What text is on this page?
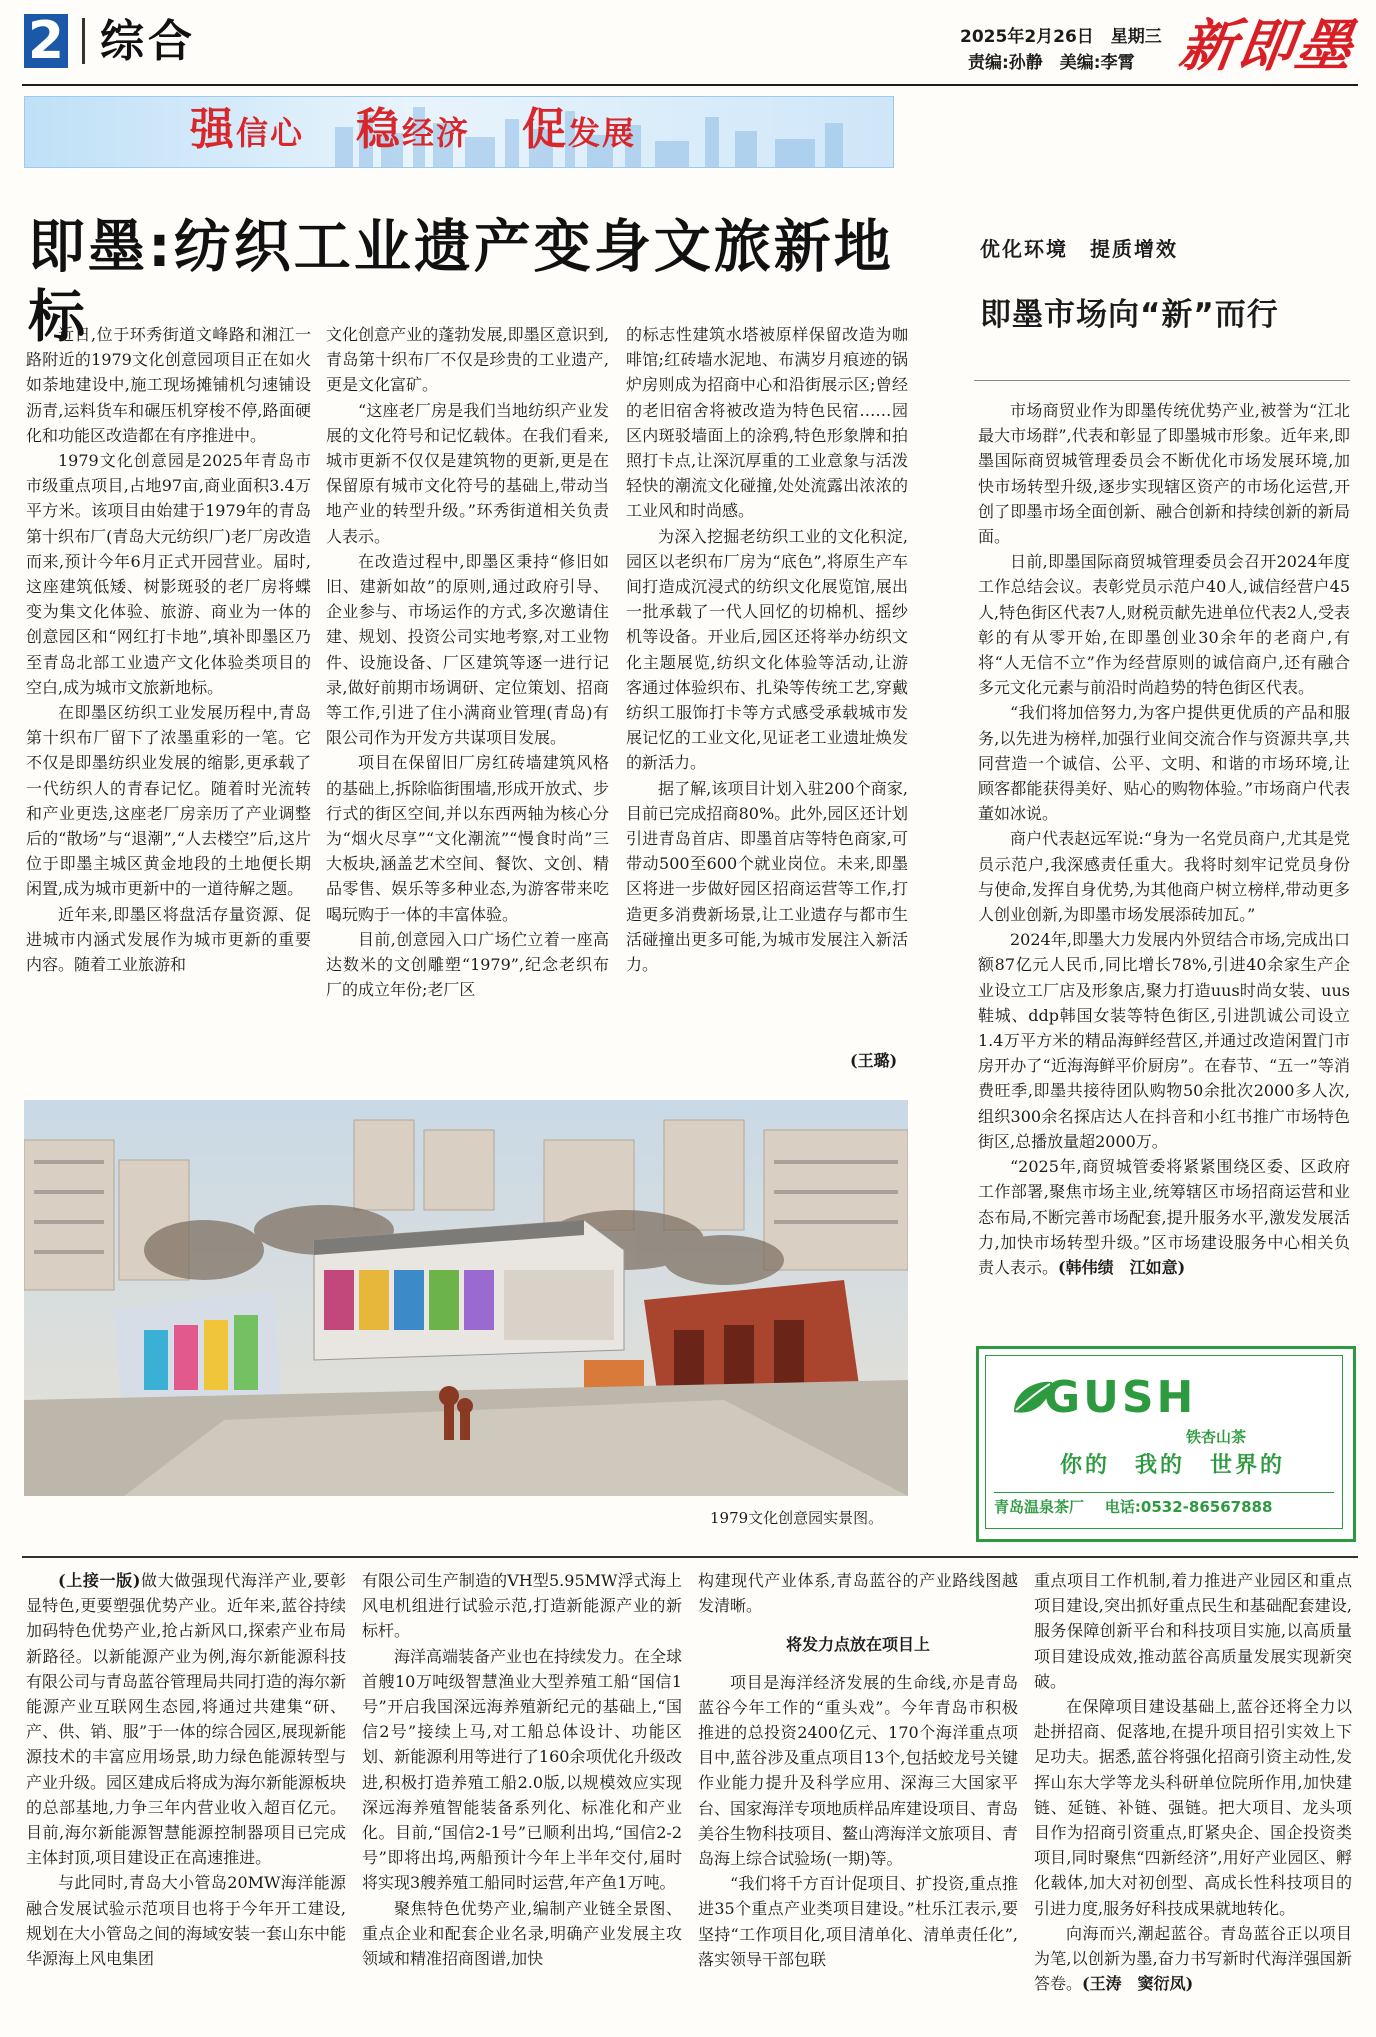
2 综合	2025年2月26日　星期三
责编:孙静　美编:李霄 新即墨
强信心 稳经济 促发展
即墨:纺织工业遗产变身文旅新地标

近日,位于环秀街道文峰路和湘江一路附近的1979文化创意园项目正在如火如荼地建设中,施工现场摊铺机匀速铺设沥青,运料货车和碾压机穿梭不停,路面硬化和功能区改造都在有序推进中。

1979文化创意园是2025年青岛市市级重点项目,占地97亩,商业面积3.4万平方米。该项目由始建于1979年的青岛第十织布厂(青岛大元纺织厂)老厂房改造而来,预计今年6月正式开园营业。届时,这座建筑低矮、树影斑驳的老厂房将蝶变为集文化体验、旅游、商业为一体的创意园区和“网红打卡地”,填补即墨区乃至青岛北部工业遗产文化体验类项目的空白,成为城市文旅新地标。

在即墨区纺织工业发展历程中,青岛第十织布厂留下了浓墨重彩的一笔。它不仅是即墨纺织业发展的缩影,更承载了一代纺织人的青春记忆。随着时光流转和产业更迭,这座老厂房亲历了产业调整后的“散场”与“退潮”,“人去楼空”后,这片位于即墨主城区黄金地段的土地便长期闲置,成为城市更新中的一道待解之题。

近年来,即墨区将盘活存量资源、促进城市内涵式发展作为城市更新的重要内容。随着工业旅游和

文化创意产业的蓬勃发展,即墨区意识到,青岛第十织布厂不仅是珍贵的工业遗产,更是文化富矿。

“这座老厂房是我们当地纺织产业发展的文化符号和记忆载体。在我们看来,城市更新不仅仅是建筑物的更新,更是在保留原有城市文化符号的基础上,带动当地产业的转型升级。”环秀街道相关负责人表示。

在改造过程中,即墨区秉持“修旧如旧、建新如故”的原则,通过政府引导、企业参与、市场运作的方式,多次邀请住建、规划、投资公司实地考察,对工业物件、设施设备、厂区建筑等逐一进行记录,做好前期市场调研、定位策划、招商等工作,引进了住小满商业管理(青岛)有限公司作为开发方共谋项目发展。

项目在保留旧厂房红砖墙建筑风格的基础上,拆除临街围墙,形成开放式、步行式的街区空间,并以东西两轴为核心分为“烟火尽享”“文化潮流”“慢食时尚”三大板块,涵盖艺术空间、餐饮、文创、精品零售、娱乐等多种业态,为游客带来吃喝玩购于一体的丰富体验。

目前,创意园入口广场伫立着一座高达数米的文创雕塑“1979”,纪念老织布厂的成立年份;老厂区

的标志性建筑水塔被原样保留改造为咖啡馆;红砖墙水泥地、布满岁月痕迹的锅炉房则成为招商中心和沿街展示区;曾经的老旧宿舍将被改造为特色民宿……园区内斑驳墙面上的涂鸦,特色形象牌和拍照打卡点,让深沉厚重的工业意象与活泼轻快的潮流文化碰撞,处处流露出浓浓的工业风和时尚感。

为深入挖掘老纺织工业的文化积淀,园区以老织布厂房为“底色”,将原生产车间打造成沉浸式的纺织文化展览馆,展出一批承载了一代人回忆的切棉机、摇纱机等设备。开业后,园区还将举办纺织文化主题展览,纺织文化体验等活动,让游客通过体验织布、扎染等传统工艺,穿戴纺织工服饰打卡等方式感受承载城市发展记忆的工业文化,见证老工业遗址焕发的新活力。

据了解,该项目计划入驻200个商家,目前已完成招商80%。此外,园区还计划引进青岛首店、即墨首店等特色商家,可带动500至600个就业岗位。未来,即墨区将进一步做好园区招商运营等工作,打造更多消费新场景,让工业遗存与都市生活碰撞出更多可能,为城市发展注入新活力。

(王璐)
1979文化创意园实景图。
优化环境　提质增效
即墨市场向“新”而行

市场商贸业作为即墨传统优势产业,被誉为“江北最大市场群”,代表和彰显了即墨城市形象。近年来,即墨国际商贸城管理委员会不断优化市场发展环境,加快市场转型升级,逐步实现辖区资产的市场化运营,开创了即墨市场全面创新、融合创新和持续创新的新局面。

日前,即墨国际商贸城管理委员会召开2024年度工作总结会议。表彰党员示范户40人,诚信经营户45人,特色街区代表7人,财税贡献先进单位代表2人,受表彰的有从零开始,在即墨创业30余年的老商户,有将“人无信不立”作为经营原则的诚信商户,还有融合多元文化元素与前沿时尚趋势的特色街区代表。

“我们将加倍努力,为客户提供更优质的产品和服务,以先进为榜样,加强行业间交流合作与资源共享,共同营造一个诚信、公平、文明、和谐的市场环境,让顾客都能获得美好、贴心的购物体验。”市场商户代表董如冰说。

商户代表赵远军说:“身为一名党员商户,尤其是党员示范户,我深感责任重大。我将时刻牢记党员身份与使命,发挥自身优势,为其他商户树立榜样,带动更多人创业创新,为即墨市场发展添砖加瓦。”

2024年,即墨大力发展内外贸结合市场,完成出口额87亿元人民币,同比增长78%,引进40余家生产企业设立工厂店及形象店,聚力打造uus时尚女装、uus鞋城、ddp韩国女装等特色街区,引进凯诚公司设立1.4万平方米的精品海鲜经营区,并通过改造闲置门市房开办了“近海海鲜平价厨房”。在春节、“五一”等消费旺季,即墨共接待团队购物50余批次2000多人次,组织300余名探店达人在抖音和小红书推广市场特色街区,总播放量超2000万。

“2025年,商贸城管委将紧紧围绕区委、区政府工作部署,聚焦市场主业,统筹辖区市场招商运营和业态布局,不断完善市场配套,提升服务水平,激发发展活力,加快市场转型升级。”区市场建设服务中心相关负责人表示。(韩伟绩　江如意)

GUSH
铁杏山茶
你的　我的　世界的
青岛温泉茶厂 电话:0532-86567888

(上接一版)做大做强现代海洋产业,要彰显特色,更要塑强优势产业。近年来,蓝谷持续加码特色优势产业,抢占新风口,探索产业布局新路径。以新能源产业为例,海尔新能源科技有限公司与青岛蓝谷管理局共同打造的海尔新能源产业互联网生态园,将通过共建集“研、产、供、销、服”于一体的综合园区,展现新能源技术的丰富应用场景,助力绿色能源转型与产业升级。园区建成后将成为海尔新能源板块的总部基地,力争三年内营业收入超百亿元。目前,海尔新能源智慧能源控制器项目已完成主体封顶,项目建设正在高速推进。

与此同时,青岛大小管岛20MW海洋能源融合发展试验示范项目也将于今年开工建设,规划在大小管岛之间的海域安装一套山东中能华源海上风电集团

有限公司生产制造的VH型5.95MW浮式海上风电机组进行试验示范,打造新能源产业的新标杆。

海洋高端装备产业也在持续发力。在全球首艘10万吨级智慧渔业大型养殖工船“国信1号”开启我国深远海养殖新纪元的基础上,“国信2号”接续上马,对工船总体设计、功能区划、新能源利用等进行了160余项优化升级改进,积极打造养殖工船2.0版,以规模效应实现深远海养殖智能装备系列化、标准化和产业化。目前,“国信2-1号”已顺利出坞,“国信2-2号”即将出坞,两船预计今年上半年交付,届时将实现3艘养殖工船同时运营,年产鱼1万吨。

聚焦特色优势产业,编制产业链全景图、重点企业和配套企业名录,明确产业发展主攻领域和精准招商图谱,加快

构建现代产业体系,青岛蓝谷的产业路线图越发清晰。

将发力点放在项目上

项目是海洋经济发展的生命线,亦是青岛蓝谷今年工作的“重头戏”。今年青岛市积极推进的总投资2400亿元、170个海洋重点项目中,蓝谷涉及重点项目13个,包括蛟龙号关键作业能力提升及科学应用、深海三大国家平台、国家海洋专项地质样品库建设项目、青岛美谷生物科技项目、鳌山湾海洋文旅项目、青岛海上综合试验场(一期)等。

“我们将千方百计促项目、扩投资,重点推进35个重点产业类项目建设。”杜乐江表示,要坚持“工作项目化,项目清单化、清单责任化”,落实领导干部包联

重点项目工作机制,着力推进产业园区和重点项目建设,突出抓好重点民生和基础配套建设,服务保障创新平台和科技项目实施,以高质量项目建设成效,推动蓝谷高质量发展实现新突破。

在保障项目建设基础上,蓝谷还将全力以赴拼招商、促落地,在提升项目招引实效上下足功夫。据悉,蓝谷将强化招商引资主动性,发挥山东大学等龙头科研单位院所作用,加快建链、延链、补链、强链。把大项目、龙头项目作为招商引资重点,盯紧央企、国企投资类项目,同时聚焦“四新经济”,用好产业园区、孵化载体,加大对初创型、高成长性科技项目的引进力度,服务好科技成果就地转化。

向海而兴,潮起蓝谷。青岛蓝谷正以项目为笔,以创新为墨,奋力书写新时代海洋强国新答卷。(王涛　窦衍凤)
